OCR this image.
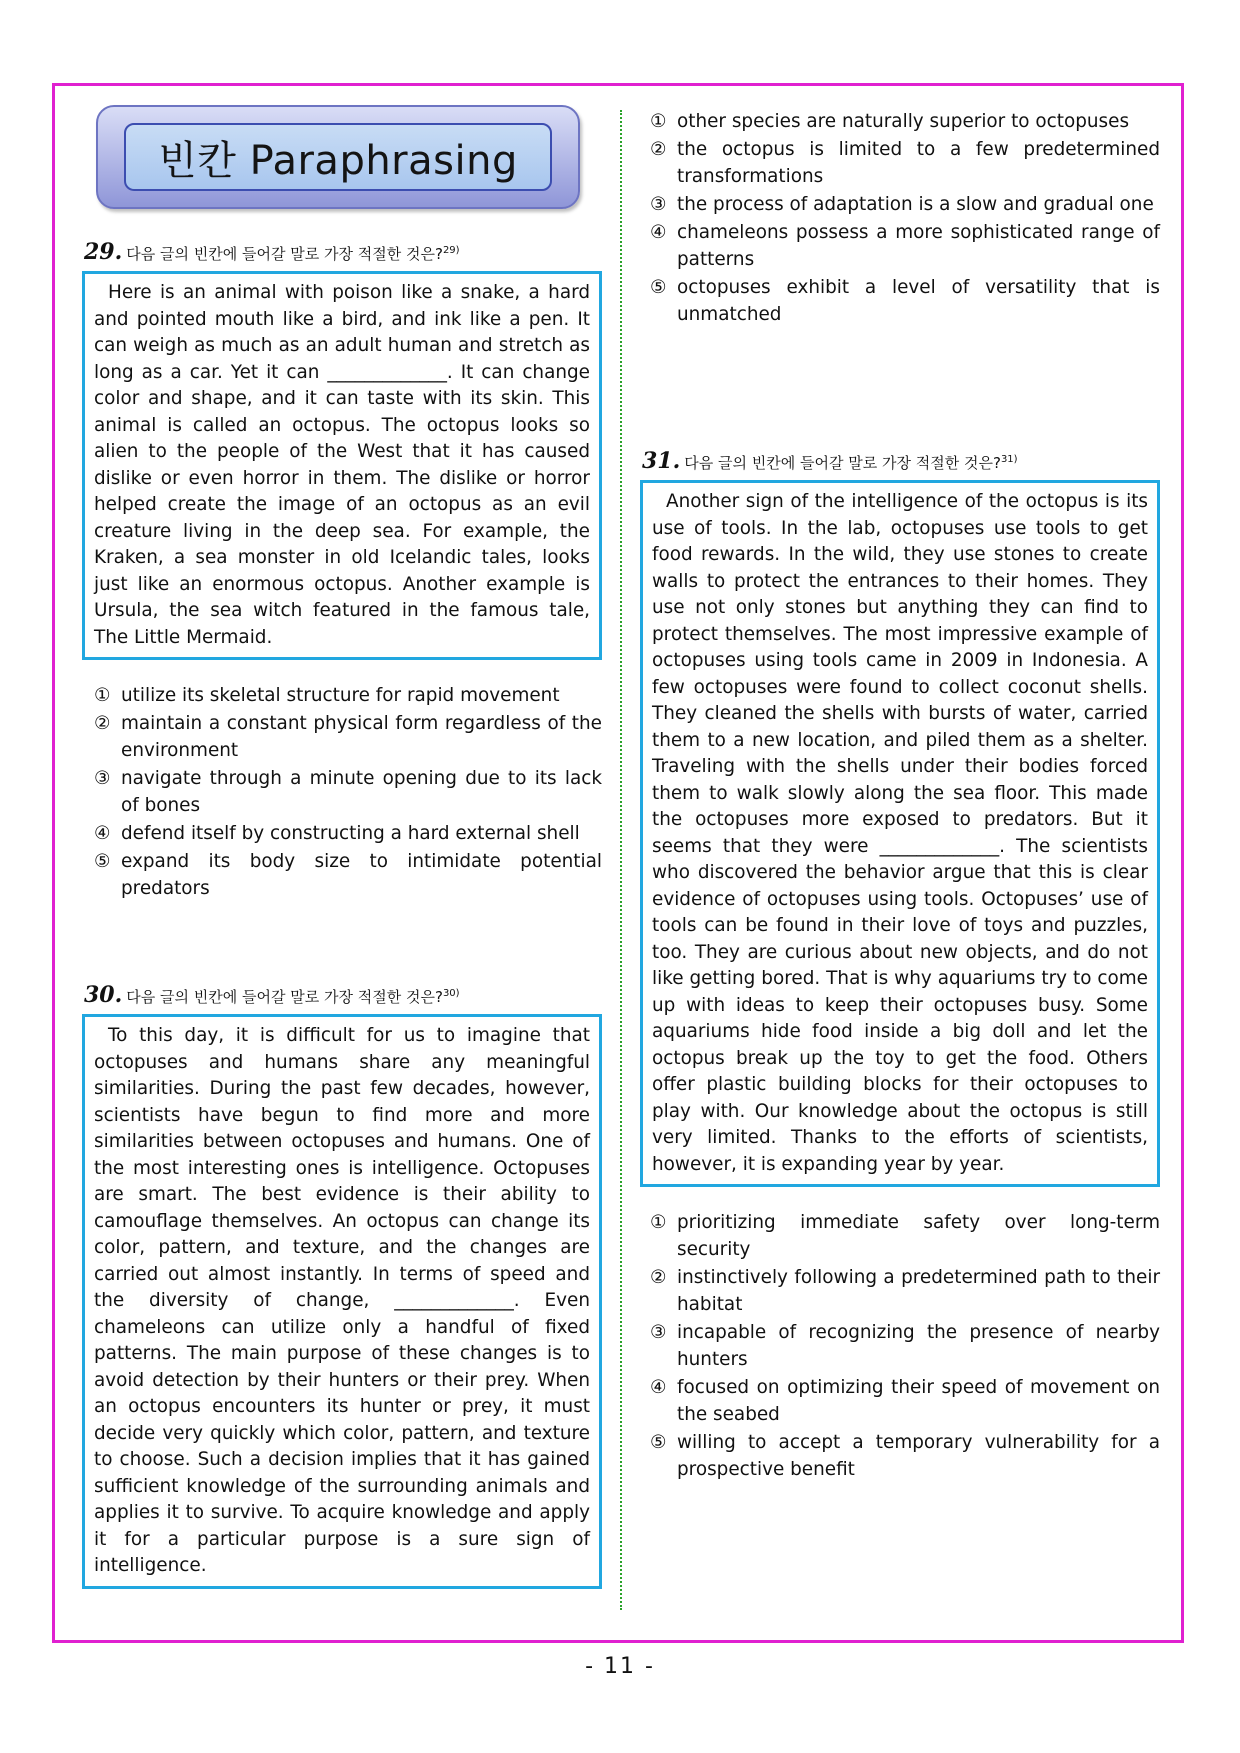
빈칸 Paraphrasing
29. 다음 글의 빈칸에 들어갈 말로 가장 적절한 것은?$^{29)}$

Here is an animal with poison like a snake, a hard and pointed mouth like a bird, and ink like a pen. It can weigh as much as an adult human and stretch as long as a car. Yet it can _____________. It can change color and shape, and it can taste with its skin. This animal is called an octopus. The octopus looks so alien to the people of the West that it has caused dislike or even horror in them. The dislike or horror helped create the image of an octopus as an evil creature living in the deep sea. For example, the Kraken, a sea monster in old Icelandic tales, looks just like an enormous octopus. Another example is Ursula, the sea witch featured in the famous tale, The Little Mermaid.

① utilize its skeletal structure for rapid movement
② maintain a constant physical form regardless of the environment
③ navigate through a minute opening due to its lack of bones
④ defend itself by constructing a hard external shell
⑤ expand its body size to intimidate potential predators
30. 다음 글의 빈칸에 들어갈 말로 가장 적절한 것은?$^{30)}$

To this day, it is difficult for us to imagine that octopuses and humans share any meaningful similarities. During the past few decades, however, scientists have begun to find more and more similarities between octopuses and humans. One of the most interesting ones is intelligence. Octopuses are smart. The best evidence is their ability to camouflage themselves. An octopus can change its color, pattern, and texture, and the changes are carried out almost instantly. In terms of speed and the diversity of change, _____________. Even chameleons can utilize only a handful of fixed patterns. The main purpose of these changes is to avoid detection by their hunters or their prey. When an octopus encounters its hunter or prey, it must decide very quickly which color, pattern, and texture to choose. Such a decision implies that it has gained sufficient knowledge of the surrounding animals and applies it to survive. To acquire knowledge and apply it for a particular purpose is a sure sign of intelligence.

① other species are naturally superior to octopuses
② the octopus is limited to a few predetermined transformations
③ the process of adaptation is a slow and gradual one
④ chameleons possess a more sophisticated range of patterns
⑤ octopuses exhibit a level of versatility that is unmatched
31. 다음 글의 빈칸에 들어갈 말로 가장 적절한 것은?$^{31)}$

Another sign of the intelligence of the octopus is its use of tools. In the lab, octopuses use tools to get food rewards. In the wild, they use stones to create walls to protect the entrances to their homes. They use not only stones but anything they can find to protect themselves. The most impressive example of octopuses using tools came in 2009 in Indonesia. A few octopuses were found to collect coconut shells. They cleaned the shells with bursts of water, carried them to a new location, and piled them as a shelter. Traveling with the shells under their bodies forced them to walk slowly along the sea floor. This made the octopuses more exposed to predators. But it seems that they were _____________. The scientists who discovered the behavior argue that this is clear evidence of octopuses using tools. Octopuses’ use of tools can be found in their love of toys and puzzles, too. They are curious about new objects, and do not like getting bored. That is why aquariums try to come up with ideas to keep their octopuses busy. Some aquariums hide food inside a big doll and let the octopus break up the toy to get the food. Others offer plastic building blocks for their octopuses to play with. Our knowledge about the octopus is still very limited. Thanks to the efforts of scientists, however, it is expanding year by year.

① prioritizing immediate safety over long-term security
② instinctively following a predetermined path to their habitat
③ incapable of recognizing the presence of nearby hunters
④ focused on optimizing their speed of movement on the seabed
⑤ willing to accept a temporary vulnerability for a prospective benefit
- 11 -
